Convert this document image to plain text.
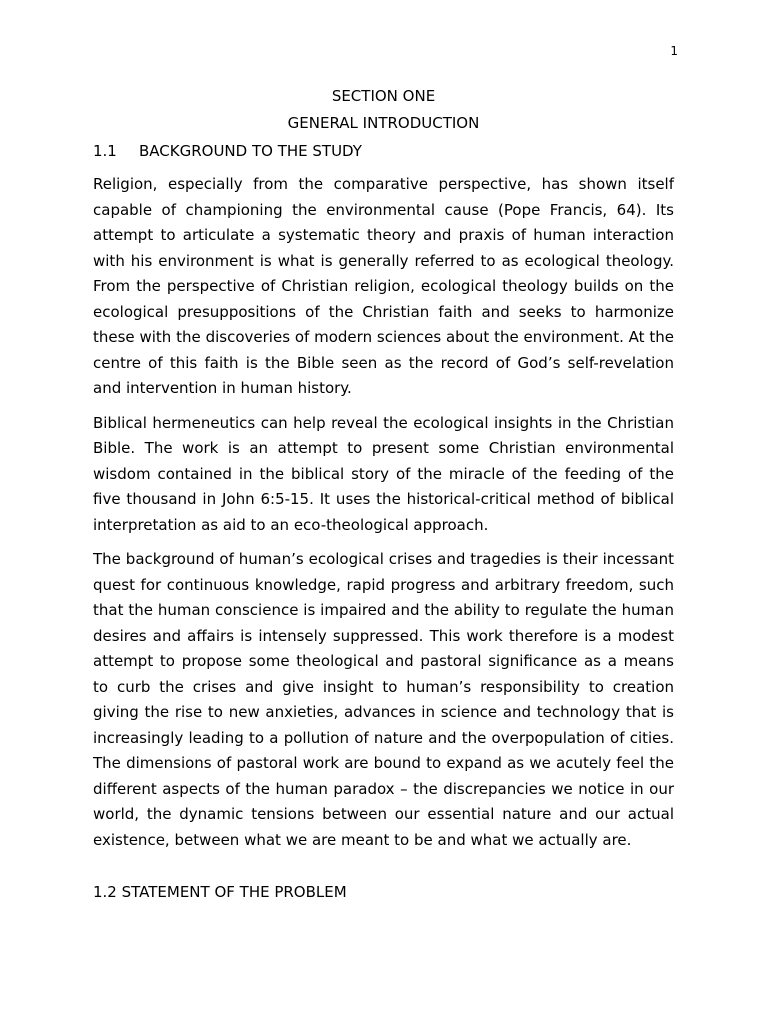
1
SECTION ONE
GENERAL INTRODUCTION
1.1 BACKGROUND TO THE STUDY

Religion, especially from the comparative perspective, has shown itself capable of championing the environmental cause (Pope Francis, 64). Its attempt to articulate a systematic theory and praxis of human interaction with his environment is what is generally referred to as ecological theology. From the perspective of Christian religion, ecological theology builds on the ecological presuppositions of the Christian faith and seeks to harmonize these with the discoveries of modern sciences about the environment. At the centre of this faith is the Bible seen as the record of God’s self-revelation and intervention in human history.

Biblical hermeneutics can help reveal the ecological insights in the Christian Bible. The work is an attempt to present some Christian environmental wisdom contained in the biblical story of the miracle of the feeding of the five thousand in John 6:5-15. It uses the historical-critical method of biblical interpretation as aid to an eco-theological approach.

The background of human’s ecological crises and tragedies is their incessant quest for continuous knowledge, rapid progress and arbitrary freedom, such that the human conscience is impaired and the ability to regulate the human desires and affairs is intensely suppressed. This work therefore is a modest attempt to propose some theological and pastoral significance as a means to curb the crises and give insight to human’s responsibility to creation giving the rise to new anxieties, advances in science and technology that is increasingly leading to a pollution of nature and the overpopulation of cities. The dimensions of pastoral work are bound to expand as we acutely feel the different aspects of the human paradox – the discrepancies we notice in our world, the dynamic tensions between our essential nature and our actual existence, between what we are meant to be and what we actually are.

1.2 STATEMENT OF THE PROBLEM
